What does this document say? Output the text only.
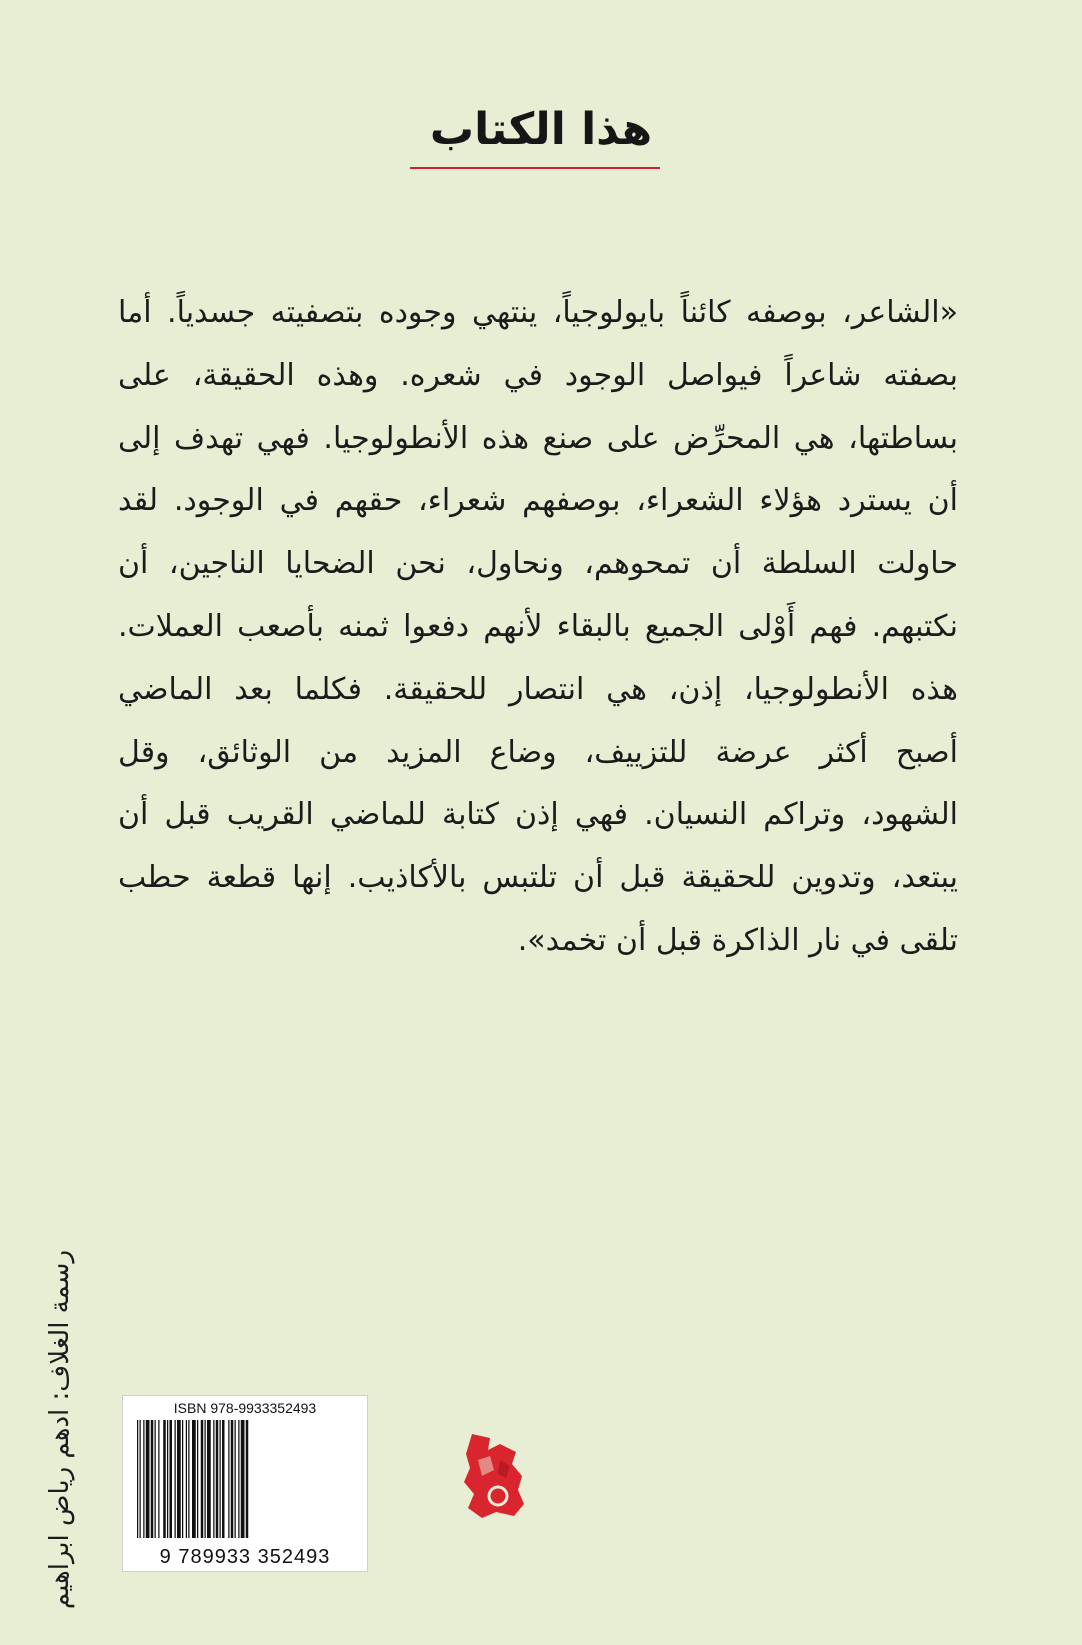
هذا الكتاب
«الشاعر، بوصفه كائناً بايولوجياً، ينتهي وجوده بتصفيته جسدياً. أما
بصفته شاعراً فيواصل الوجود في شعره. وهذه الحقيقة، على
بساطتها، هي المحرِّض على صنع هذه الأنطولوجيا. فهي تهدف إلى
أن يسترد هؤلاء الشعراء، بوصفهم شعراء، حقهم في الوجود. لقد
حاولت السلطة أن تمحوهم، ونحاول، نحن الضحايا الناجين، أن
نكتبهم. فهم أَوْلى الجميع بالبقاء لأنهم دفعوا ثمنه بأصعب العملات.
هذه الأنطولوجيا، إذن، هي انتصار للحقيقة. فكلما بعد الماضي
أصبح أكثر عرضة للتزييف، وضاع المزيد من الوثائق، وقل
الشهود، وتراكم النسيان. فهي إذن كتابة للماضي القريب قبل أن
يبتعد، وتدوين للحقيقة قبل أن تلتبس بالأكاذيب. إنها قطعة حطب
تلقى في نار الذاكرة قبل أن تخمد».
رسمة الغلاف: ادهم رياض ابراهيم	ISBN 978-9933352493
9 789933 352493
